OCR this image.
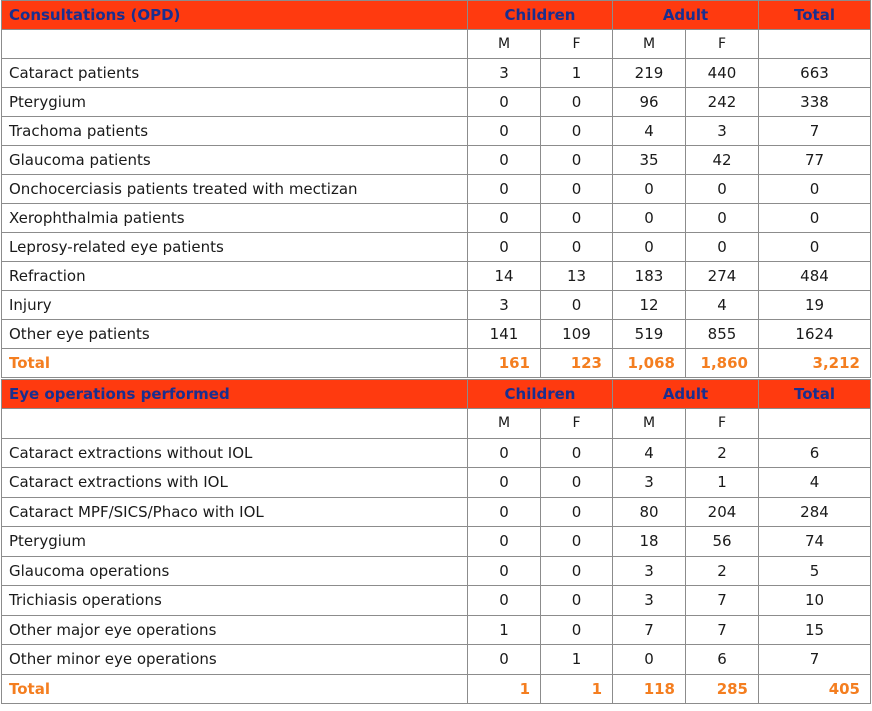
Consultations (OPD)	Children		Adult		Total
	M	F	M	F	
Cataract patients	3	1	219	440	663
Pterygium	0	0	96	242	338
Trachoma patients	0	0	4	3	7
Glaucoma patients	0	0	35	42	77
Onchocerciasis patients treated with mectizan	0	0	0	0	0
Xerophthalmia patients	0	0	0	0	0
Leprosy-related eye patients	0	0	0	0	0
Refraction	14	13	183	274	484
Injury	3	0	12	4	19
Other eye patients	141	109	519	855	1624
Total	161	123	1,068	1,860	3,212
Eye operations performed	Children		Adult		Total
	M	F	M	F	
Cataract extractions without IOL	0	0	4	2	6
Cataract extractions with IOL	0	0	3	1	4
Cataract MPF/SICS/Phaco with IOL	0	0	80	204	284
Pterygium	0	0	18	56	74
Glaucoma operations	0	0	3	2	5
Trichiasis operations	0	0	3	7	10
Other major eye operations	1	0	7	7	15
Other minor eye operations	0	1	0	6	7
Total	1	1	118	285	405
